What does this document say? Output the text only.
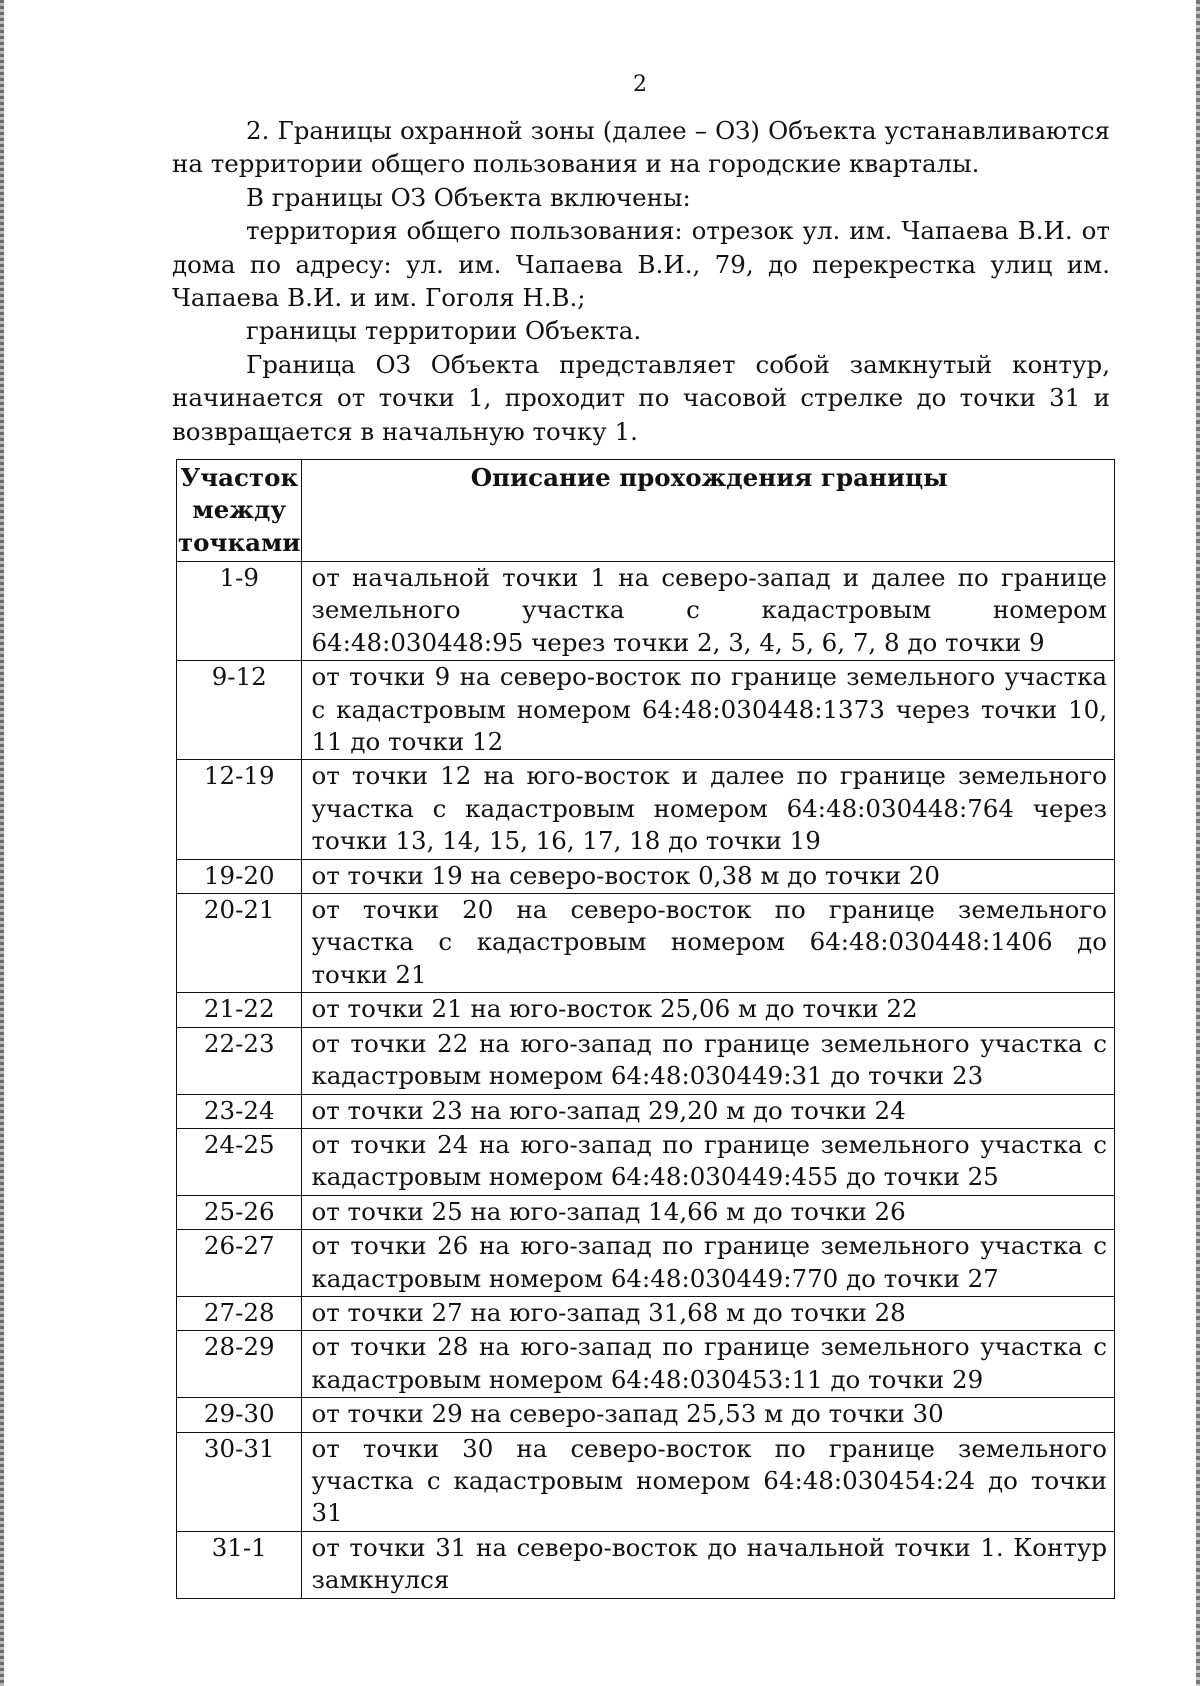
2

2. Границы охранной зоны (далее – ОЗ) Объекта устанавливаются на территории общего пользования и на городские кварталы.

В границы ОЗ Объекта включены:

территория общего пользования: отрезок ул. им. Чапаева В.И. от дома по адресу: ул. им. Чапаева В.И., 79, до перекрестка улиц им. Чапаева В.И. и им. Гоголя Н.В.;

границы территории Объекта.

Граница ОЗ Объекта представляет собой замкнутый контур, начинается от точки 1, проходит по часовой стрелке до точки 31 и возвращается в начальную точку 1.

Участок между точками	Описание прохождения границы
1-9	от начальной точки 1 на северо-запад и далее по границе земельного участка с кадастровым номером 64:48:030448:95 через точки 2, 3, 4, 5, 6, 7, 8 до точки 9
9-12	от точки 9 на северо-восток по границе земельного участка с кадастровым номером 64:48:030448:1373 через точки 10, 11 до точки 12
12-19	от точки 12 на юго-восток и далее по границе земельного участка с кадастровым номером 64:48:030448:764 через точки 13, 14, 15, 16, 17, 18 до точки 19
19-20	от точки 19 на северо-восток 0,38 м до точки 20
20-21	от точки 20 на северо-восток по границе земельного участка с кадастровым номером 64:48:030448:1406 до точки 21
21-22	от точки 21 на юго-восток 25,06 м до точки 22
22-23	от точки 22 на юго-запад по границе земельного участка с кадастровым номером 64:48:030449:31 до точки 23
23-24	от точки 23 на юго-запад 29,20 м до точки 24
24-25	от точки 24 на юго-запад по границе земельного участка с кадастровым номером 64:48:030449:455 до точки 25
25-26	от точки 25 на юго-запад 14,66 м до точки 26
26-27	от точки 26 на юго-запад по границе земельного участка с кадастровым номером 64:48:030449:770 до точки 27
27-28	от точки 27 на юго-запад 31,68 м до точки 28
28-29	от точки 28 на юго-запад по границе земельного участка с кадастровым номером 64:48:030453:11 до точки 29
29-30	от точки 29 на северо-запад 25,53 м до точки 30
30-31	от точки 30 на северо-восток по границе земельного участка с кадастровым номером 64:48:030454:24 до точки 31
31-1	от точки 31 на северо-восток до начальной точки 1. Контур замкнулся
